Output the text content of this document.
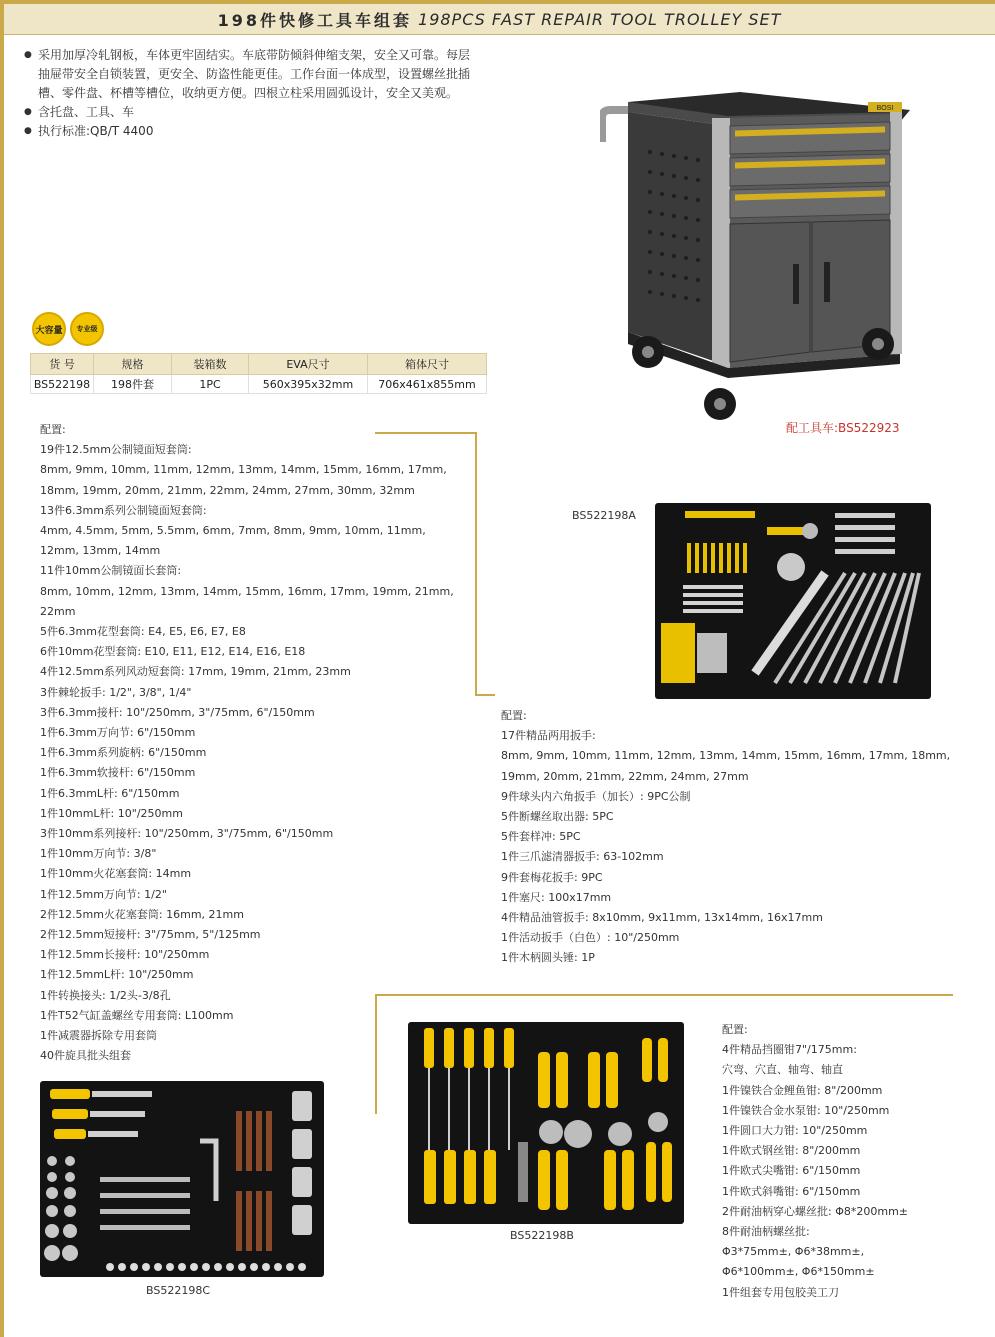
198件快修工具车组套 198PCS FAST REPAIR TOOL TROLLEY SET
● 采用加厚冷轧钢板，车体更牢固结实。车底带防倾斜伸缩支架，安全又可靠。每层
抽屉带安全自锁装置，更安全、防盗性能更佳。工作台面一体成型，设置螺丝批插
槽、零件盘、杯槽等槽位，收纳更方便。四根立柱采用圆弧设计，安全又美观。
● 含托盘、工具、车
● 执行标准:QB/T 4400
大容量 专业级
货 号	规格	装箱数	EVA尺寸	箱体尺寸
BS522198	198件套	1PC	560x395x32mm	706x461x855mm
BOSI
配工具车:BS522923
配置:
19件12.5mm公制镜面短套筒:
8mm, 9mm, 10mm, 11mm, 12mm, 13mm, 14mm, 15mm, 16mm, 17mm,
18mm, 19mm, 20mm, 21mm, 22mm, 24mm, 27mm, 30mm, 32mm
13件6.3mm系列公制镜面短套筒:
4mm, 4.5mm, 5mm, 5.5mm, 6mm, 7mm, 8mm, 9mm, 10mm, 11mm,
12mm, 13mm, 14mm
11件10mm公制镜面长套筒:
8mm, 10mm, 12mm, 13mm, 14mm, 15mm, 16mm, 17mm, 19mm, 21mm,
22mm
5件6.3mm花型套筒: E4, E5, E6, E7, E8
6件10mm花型套筒: E10, E11, E12, E14, E16, E18
4件12.5mm系列风动短套筒: 17mm, 19mm, 21mm, 23mm
3件棘轮扳手: 1/2", 3/8", 1/4"
3件6.3mm接杆: 10"/250mm, 3"/75mm, 6"/150mm
1件6.3mm万向节: 6"/150mm
1件6.3mm系列旋柄: 6"/150mm
1件6.3mm软接杆: 6"/150mm
1件6.3mmL杆: 6"/150mm
1件10mmL杆: 10"/250mm
3件10mm系列接杆: 10"/250mm, 3"/75mm, 6"/150mm
1件10mm万向节: 3/8"
1件10mm火花塞套筒: 14mm
1件12.5mm万向节: 1/2"
2件12.5mm火花塞套筒: 16mm, 21mm
2件12.5mm短接杆: 3"/75mm, 5"/125mm
1件12.5mm长接杆: 10"/250mm
1件12.5mmL杆: 10"/250mm
1件转换接头: 1/2头-3/8孔
1件T52气缸盖螺丝专用套筒: L100mm
1件减震器拆除专用套筒
40件旋具批头组套
BS522198A
配置:
17件精品两用扳手:
8mm, 9mm, 10mm, 11mm, 12mm, 13mm, 14mm, 15mm, 16mm, 17mm, 18mm,
19mm, 20mm, 21mm, 22mm, 24mm, 27mm
9件球头内六角扳手（加长）: 9PC公制
5件断螺丝取出器: 5PC
5件套样冲: 5PC
1件三爪滤清器扳手: 63-102mm
9件套梅花扳手: 9PC
1件塞尺: 100x17mm
4件精品油管扳手: 8x10mm, 9x11mm, 13x14mm, 16x17mm
1件活动扳手（白色）: 10"/250mm
1件木柄圆头锤: 1P
BS522198B
配置:
4件精品挡圈钳7"/175mm:
穴弯、穴直、轴弯、轴直
1件镍铁合金鲤鱼钳: 8"/200mm
1件镍铁合金水泵钳: 10"/250mm
1件圆口大力钳: 10"/250mm
1件欧式钢丝钳: 8"/200mm
1件欧式尖嘴钳: 6"/150mm
1件欧式斜嘴钳: 6"/150mm
2件耐油柄穿心螺丝批: Φ8*200mm±
8件耐油柄螺丝批:
Φ3*75mm±, Φ6*38mm±,
Φ6*100mm±, Φ6*150mm±
1件组套专用包胶美工刀
BS522198C
